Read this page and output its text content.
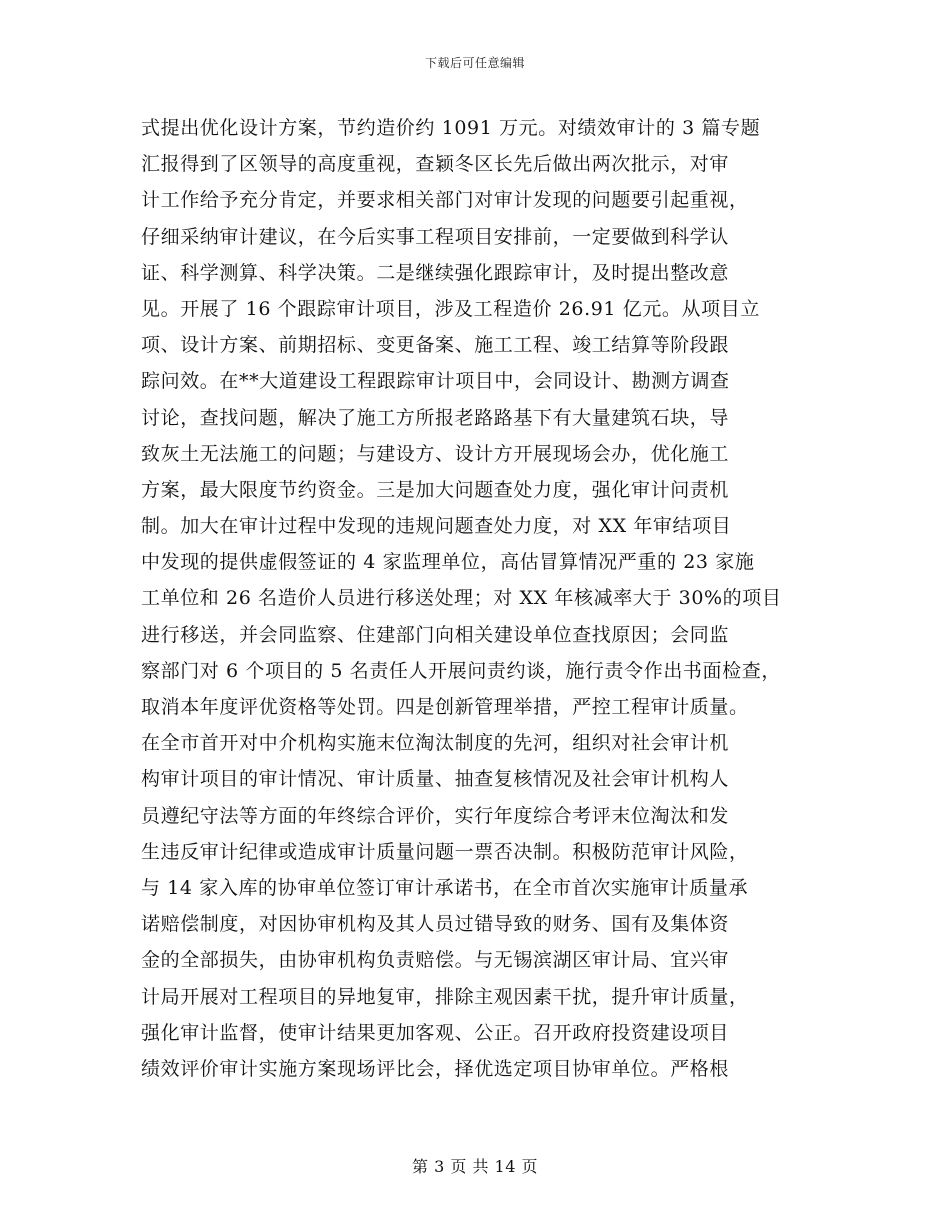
下载后可任意编辑
式提出优化设计方案，节约造价约 1091 万元。对绩效审计的 3 篇专题
汇报得到了区领导的高度重视，查颖冬区长先后做出两次批示，对审
计工作给予充分肯定，并要求相关部门对审计发现的问题要引起重视，
仔细采纳审计建议，在今后实事工程项目安排前，一定要做到科学认
证、科学测算、科学决策。二是继续强化跟踪审计，及时提出整改意
见。开展了 16 个跟踪审计项目，涉及工程造价 26.91 亿元。从项目立
项、设计方案、前期招标、变更备案、施工工程、竣工结算等阶段跟
踪问效。在**大道建设工程跟踪审计项目中，会同设计、勘测方调查
讨论，查找问题，解决了施工方所报老路路基下有大量建筑石块，导
致灰土无法施工的问题；与建设方、设计方开展现场会办，优化施工
方案，最大限度节约资金。三是加大问题查处力度，强化审计问责机
制。加大在审计过程中发现的违规问题查处力度，对 XX 年审结项目
中发现的提供虚假签证的 4 家监理单位，高估冒算情况严重的 23 家施
工单位和 26 名造价人员进行移送处理；对 XX 年核减率大于 30%的项目
进行移送，并会同监察、住建部门向相关建设单位查找原因；会同监
察部门对 6 个项目的 5 名责任人开展问责约谈，施行责令作出书面检查，
取消本年度评优资格等处罚。四是创新管理举措，严控工程审计质量。
在全市首开对中介机构实施末位淘汰制度的先河，组织对社会审计机
构审计项目的审计情况、审计质量、抽查复核情况及社会审计机构人
员遵纪守法等方面的年终综合评价，实行年度综合考评末位淘汰和发
生违反审计纪律或造成审计质量问题一票否决制。积极防范审计风险，
与 14 家入库的协审单位签订审计承诺书，在全市首次实施审计质量承
诺赔偿制度，对因协审机构及其人员过错导致的财务、国有及集体资
金的全部损失，由协审机构负责赔偿。与无锡滨湖区审计局、宜兴审
计局开展对工程项目的异地复审，排除主观因素干扰，提升审计质量，
强化审计监督，使审计结果更加客观、公正。召开政府投资建设项目
绩效评价审计实施方案现场评比会，择优选定项目协审单位。严格根
第 3 页 共 14 页
